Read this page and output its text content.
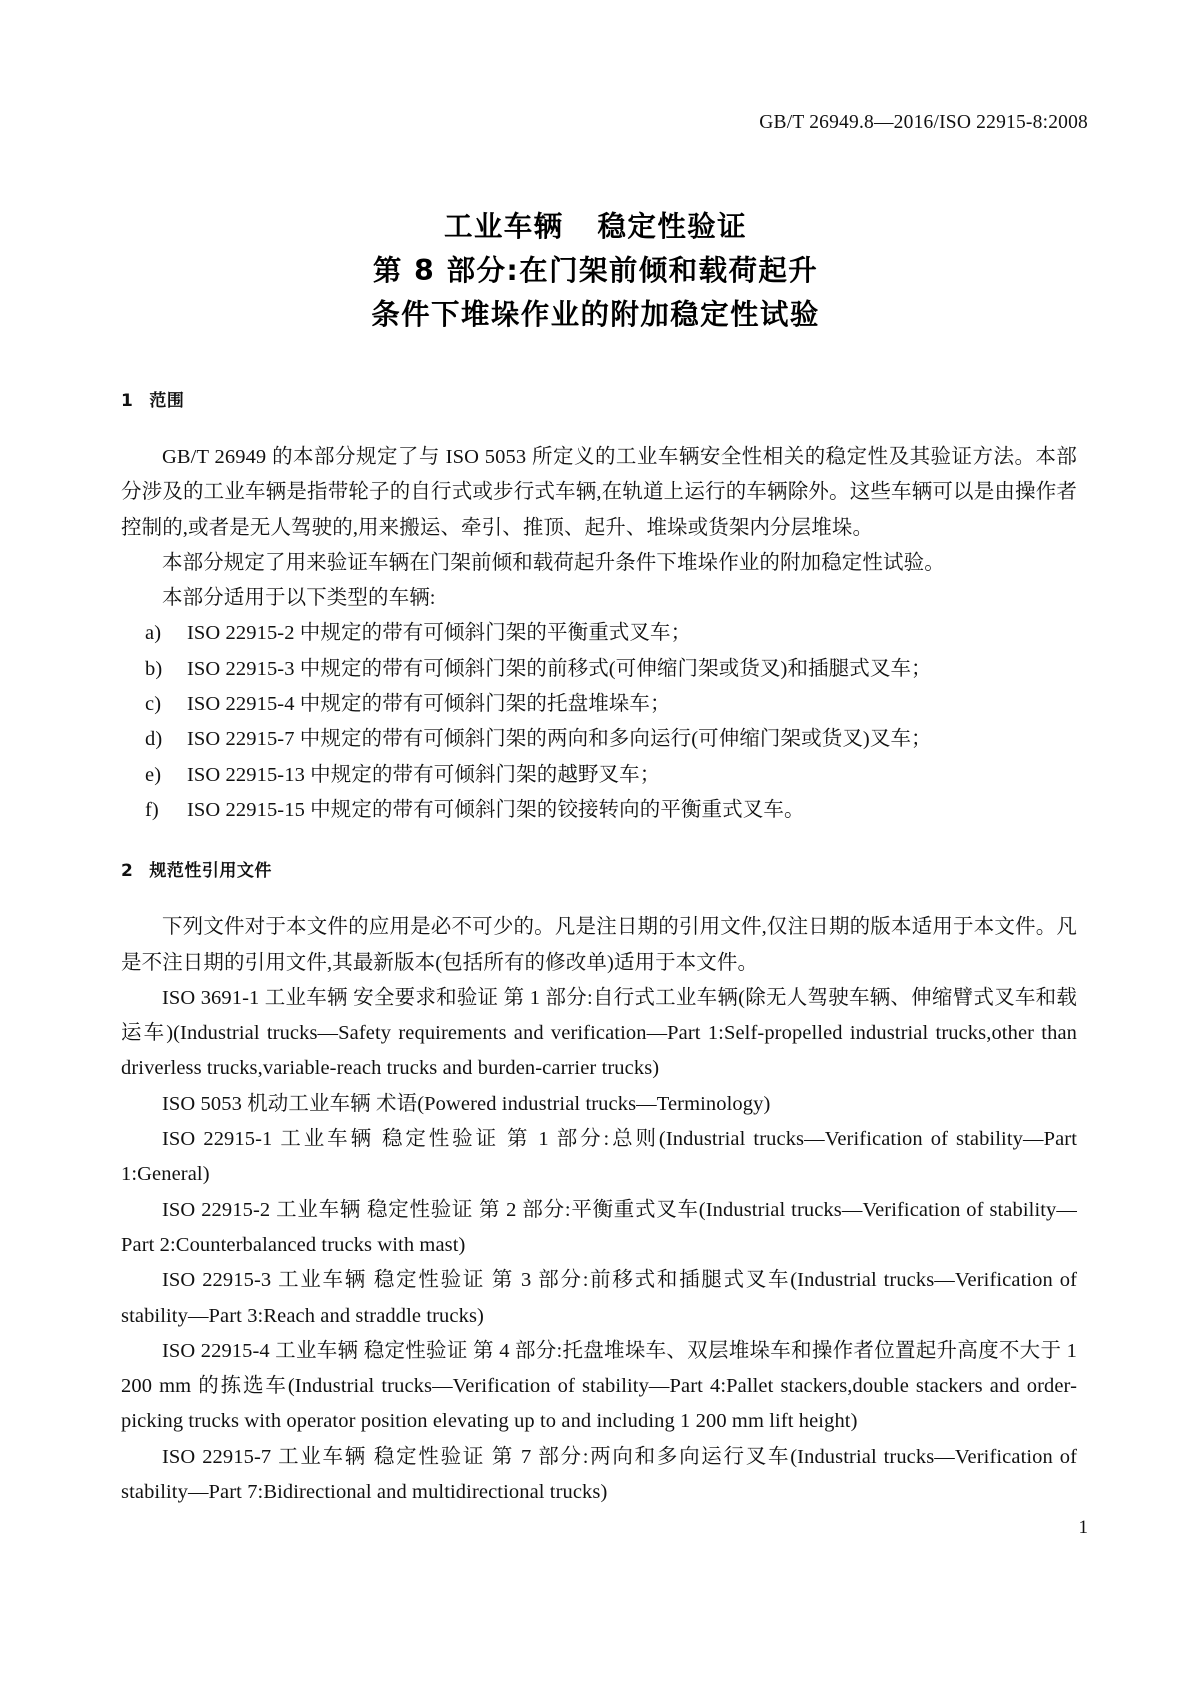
GB/T 26949.8—2016/ISO 22915-8:2008
工业车辆   稳定性验证
第 8 部分:在门架前倾和载荷起升
条件下堆垛作业的附加稳定性试验
1 范围

GB/T 26949 的本部分规定了与 ISO 5053 所定义的工业车辆安全性相关的稳定性及其验证方法。本部分涉及的工业车辆是指带轮子的自行式或步行式车辆,在轨道上运行的车辆除外。这些车辆可以是由操作者控制的,或者是无人驾驶的,用来搬运、牵引、推顶、起升、堆垛或货架内分层堆垛。

本部分规定了用来验证车辆在门架前倾和载荷起升条件下堆垛作业的附加稳定性试验。

本部分适用于以下类型的车辆:

a) ISO 22915-2 中规定的带有可倾斜门架的平衡重式叉车；
b) ISO 22915-3 中规定的带有可倾斜门架的前移式(可伸缩门架或货叉)和插腿式叉车；
c) ISO 22915-4 中规定的带有可倾斜门架的托盘堆垛车；
d) ISO 22915-7 中规定的带有可倾斜门架的两向和多向运行(可伸缩门架或货叉)叉车；
e) ISO 22915-13 中规定的带有可倾斜门架的越野叉车；
f) ISO 22915-15 中规定的带有可倾斜门架的铰接转向的平衡重式叉车。
2 规范性引用文件

下列文件对于本文件的应用是必不可少的。凡是注日期的引用文件,仅注日期的版本适用于本文件。凡是不注日期的引用文件,其最新版本(包括所有的修改单)适用于本文件。

ISO 3691-1 工业车辆 安全要求和验证 第 1 部分:自行式工业车辆(除无人驾驶车辆、伸缩臂式叉车和载运车)(Industrial trucks—Safety requirements and verification—Part 1:Self-propelled industrial trucks,other than driverless trucks,variable-reach trucks and burden-carrier trucks)

ISO 5053 机动工业车辆 术语(Powered industrial trucks—Terminology)

ISO 22915-1 工业车辆 稳定性验证 第 1 部分:总则(Industrial trucks—Verification of stability—Part 1:General)

ISO 22915-2 工业车辆 稳定性验证 第 2 部分:平衡重式叉车(Industrial trucks—Verification of stability—Part 2:Counterbalanced trucks with mast)

ISO 22915-3 工业车辆 稳定性验证 第 3 部分:前移式和插腿式叉车(Industrial trucks—Verification of stability—Part 3:Reach and straddle trucks)

ISO 22915-4 工业车辆 稳定性验证 第 4 部分:托盘堆垛车、双层堆垛车和操作者位置起升高度不大于 1 200 mm 的拣选车(Industrial trucks—Verification of stability—Part 4:Pallet stackers,double stackers and order-picking trucks with operator position elevating up to and including 1 200 mm lift height)

ISO 22915-7 工业车辆 稳定性验证 第 7 部分:两向和多向运行叉车(Industrial trucks—Verification of stability—Part 7:Bidirectional and multidirectional trucks)

1
